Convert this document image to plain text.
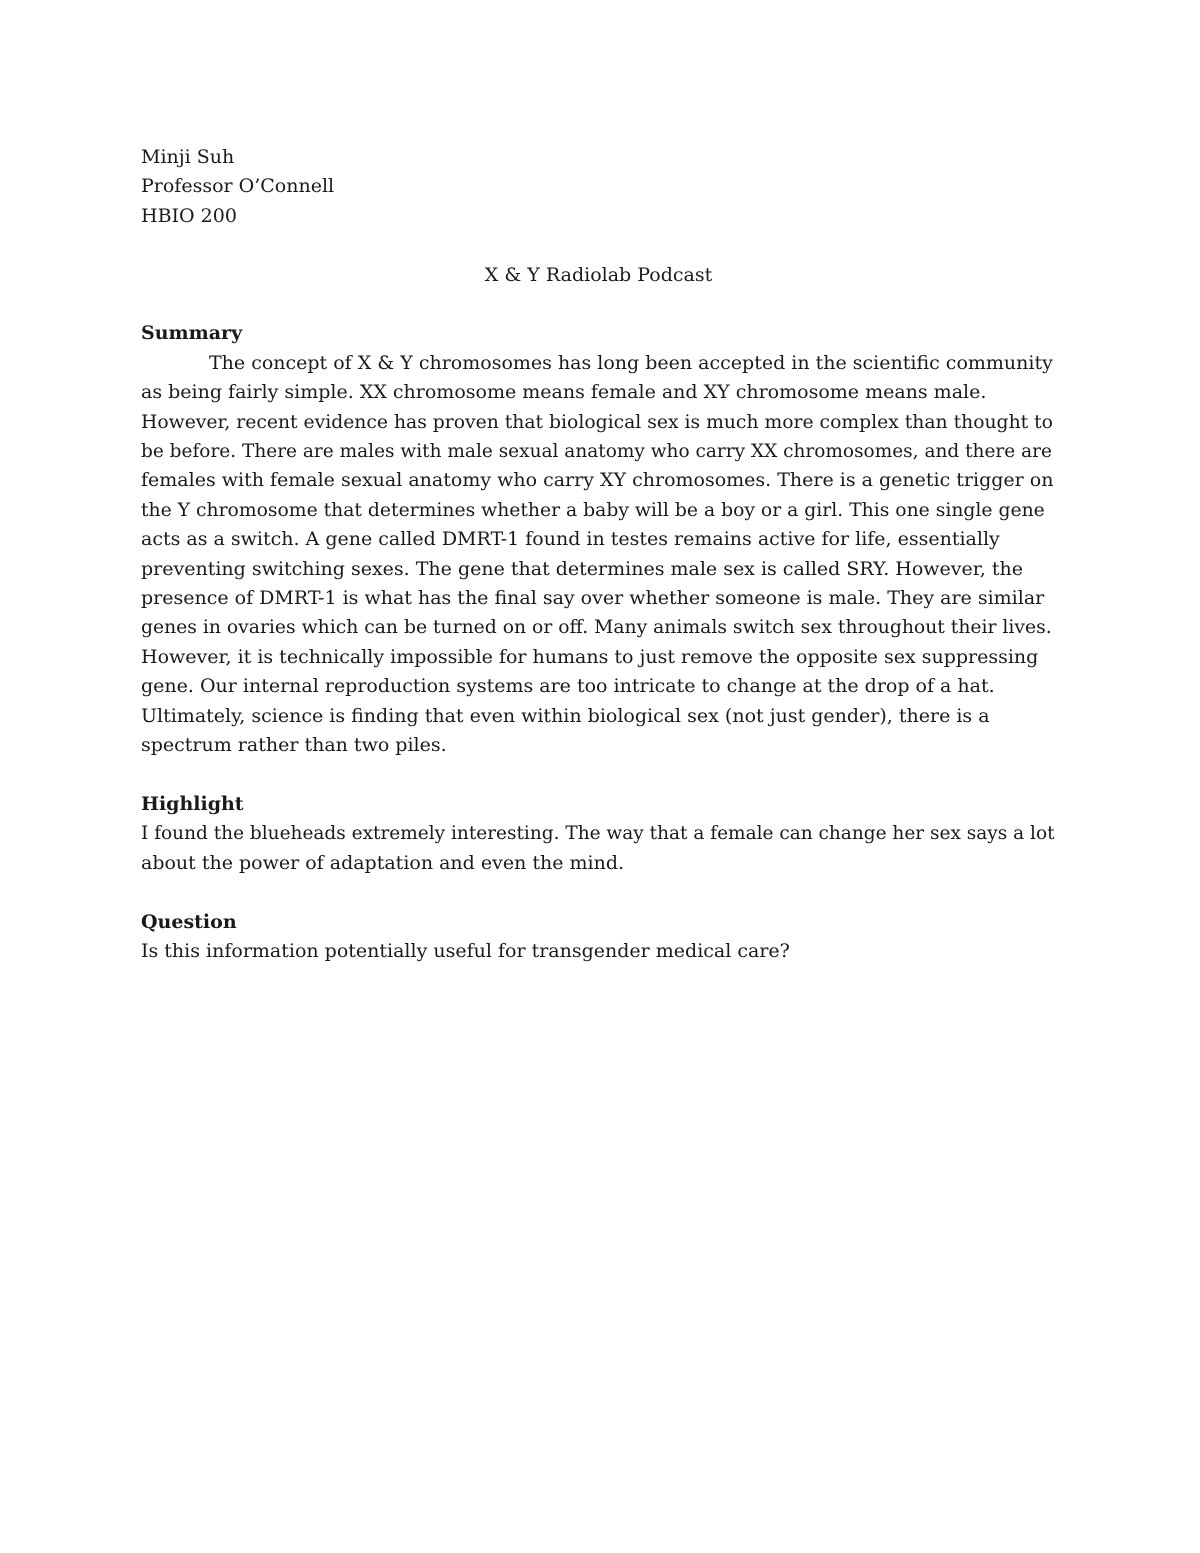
Minji Suh
Professor O’Connell
HBIO 200
X & Y Radiolab Podcast
Summary
The concept of X & Y chromosomes has long been accepted in the scientific community
as being fairly simple. XX chromosome means female and XY chromosome means male.
However, recent evidence has proven that biological sex is much more complex than thought to
be before. There are males with male sexual anatomy who carry XX chromosomes, and there are
females with female sexual anatomy who carry XY chromosomes. There is a genetic trigger on
the Y chromosome that determines whether a baby will be a boy or a girl. This one single gene
acts as a switch. A gene called DMRT-1 found in testes remains active for life, essentially
preventing switching sexes. The gene that determines male sex is called SRY. However, the
presence of DMRT-1 is what has the final say over whether someone is male. They are similar
genes in ovaries which can be turned on or off. Many animals switch sex throughout their lives.
However, it is technically impossible for humans to just remove the opposite sex suppressing
gene. Our internal reproduction systems are too intricate to change at the drop of a hat.
Ultimately, science is finding that even within biological sex (not just gender), there is a
spectrum rather than two piles.
Highlight
I found the blueheads extremely interesting. The way that a female can change her sex says a lot
about the power of adaptation and even the mind.
Question
Is this information potentially useful for transgender medical care?
